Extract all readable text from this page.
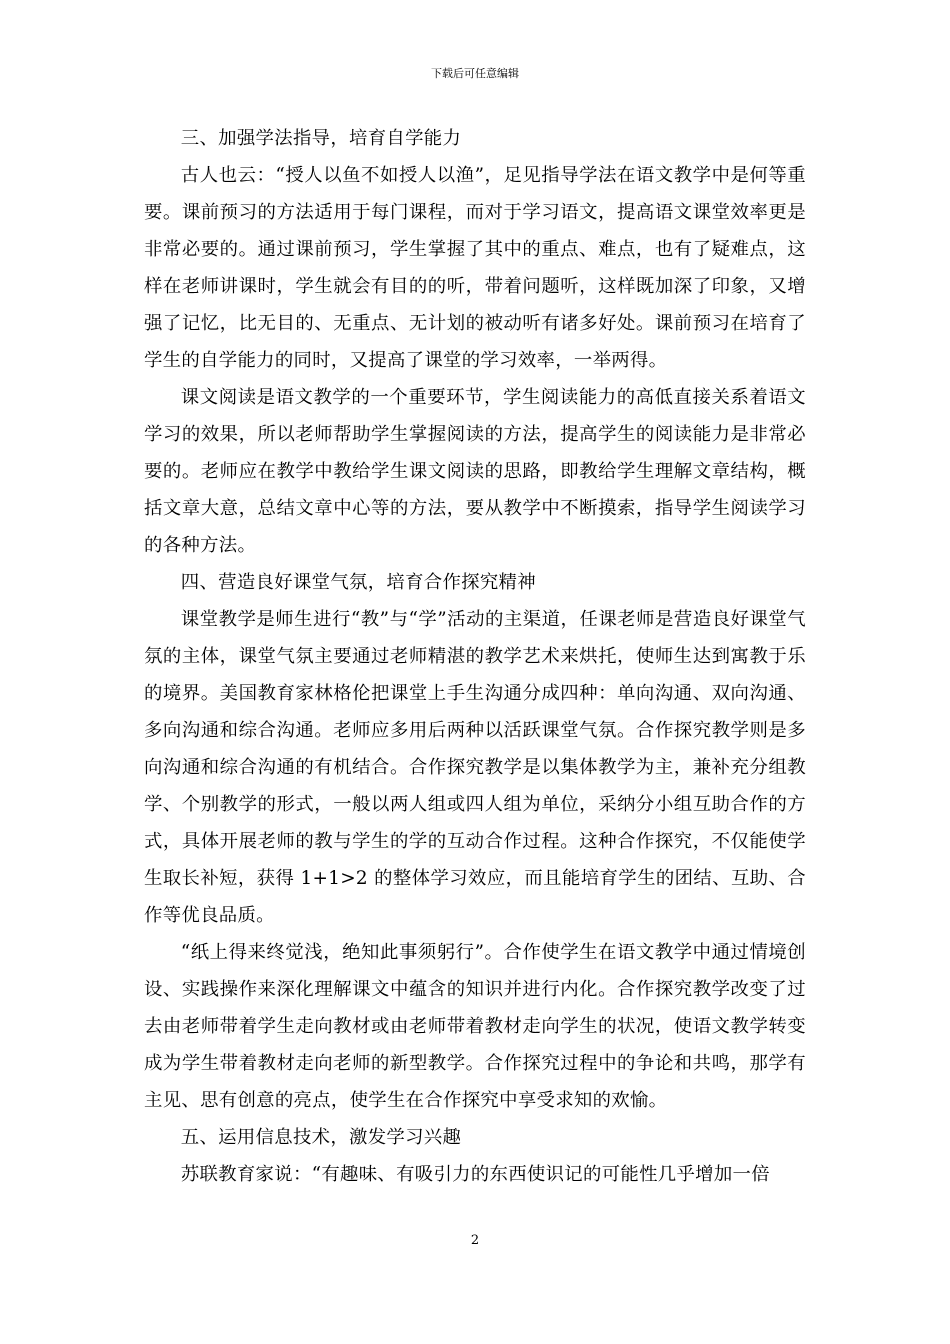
下载后可任意编辑

三、加强学法指导，培育自学能力

古人也云：“授人以鱼不如授人以渔”，足见指导学法在语文教学中是何等重要。课前预习的方法适用于每门课程，而对于学习语文，提高语文课堂效率更是非常必要的。通过课前预习，学生掌握了其中的重点、难点，也有了疑难点，这样在老师讲课时，学生就会有目的的听，带着问题听，这样既加深了印象，又增强了记忆，比无目的、无重点、无计划的被动听有诸多好处。课前预习在培育了学生的自学能力的同时，又提高了课堂的学习效率，一举两得。

课文阅读是语文教学的一个重要环节，学生阅读能力的高低直接关系着语文学习的效果，所以老师帮助学生掌握阅读的方法，提高学生的阅读能力是非常必要的。老师应在教学中教给学生课文阅读的思路，即教给学生理解文章结构，概括文章大意，总结文章中心等的方法，要从教学中不断摸索，指导学生阅读学习的各种方法。

四、营造良好课堂气氛，培育合作探究精神

课堂教学是师生进行“教”与“学”活动的主渠道，任课老师是营造良好课堂气氛的主体，课堂气氛主要通过老师精湛的教学艺术来烘托，使师生达到寓教于乐的境界。美国教育家林格伦把课堂上手生沟通分成四种：单向沟通、双向沟通、多向沟通和综合沟通。老师应多用后两种以活跃课堂气氛。合作探究教学则是多向沟通和综合沟通的有机结合。合作探究教学是以集体教学为主，兼补充分组教学、个别教学的形式，一般以两人组或四人组为单位，采纳分小组互助合作的方式，具体开展老师的教与学生的学的互动合作过程。这种合作探究，不仅能使学生取长补短，获得 1+1>2 的整体学习效应，而且能培育学生的团结、互助、合作等优良品质。

“纸上得来终觉浅，绝知此事须躬行”。合作使学生在语文教学中通过情境创设、实践操作来深化理解课文中蕴含的知识并进行内化。合作探究教学改变了过去由老师带着学生走向教材或由老师带着教材走向学生的状况，使语文教学转变成为学生带着教材走向老师的新型教学。合作探究过程中的争论和共鸣，那学有主见、思有创意的亮点，使学生在合作探究中享受求知的欢愉。

五、运用信息技术，激发学习兴趣

苏联教育家说：“有趣味、有吸引力的东西使识记的可能性几乎增加一倍

2
